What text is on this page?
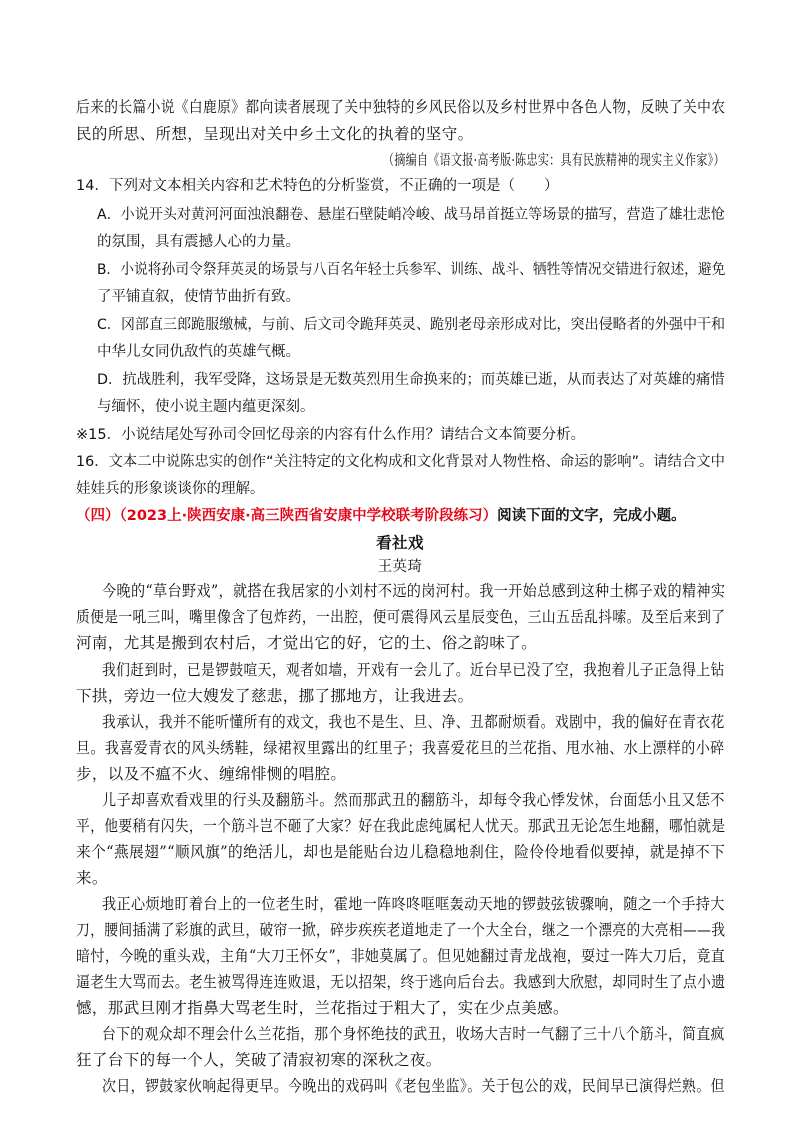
后来的长篇小说《白鹿原》都向读者展现了关中独特的乡风民俗以及乡村世界中各色人物，反映了关中农
民的所思、所想，呈现出对关中乡土文化的执着的坚守。
（摘编自《语文报·高考版·陈忠实：具有民族精神的现实主义作家》）
14．下列对文本相关内容和艺术特色的分析鉴赏，不正确的一项是（　　）
A．小说开头对黄河河面浊浪翻卷、悬崖石壁陡峭冷峻、战马昂首挺立等场景的描写，营造了雄壮悲怆
的氛围，具有震撼人心的力量。
B．小说将孙司令祭拜英灵的场景与八百名年轻士兵参军、训练、战斗、牺牲等情况交错进行叙述，避免
了平铺直叙，使情节曲折有致。
C．冈部直三郎跪服缴械，与前、后文司令跪拜英灵、跪别老母亲形成对比，突出侵略者的外强中干和
中华儿女同仇敌忾的英雄气概。
D．抗战胜利，我军受降，这场景是无数英烈用生命换来的；而英雄已逝，从而表达了对英雄的痛惜
与缅怀，使小说主题内蕴更深刻。
※15．小说结尾处写孙司令回忆母亲的内容有什么作用？请结合文本简要分析。
16．文本二中说陈忠实的创作“关注特定的文化构成和文化背景对人物性格、命运的影响”。请结合文中
娃娃兵的形象谈谈你的理解。
（四）（2023上·陕西安康·高三陕西省安康中学校联考阶段练习）阅读下面的文字，完成小题。
看社戏
王英琦
今晚的“草台野戏”，就搭在我居家的小刘村不远的岗河村。我一开始总感到这种土梆子戏的精神实
质便是一吼三叫，嘴里像含了包炸药，一出腔，便可震得风云星辰变色，三山五岳乱抖嗦。及至后来到了
河南，尤其是搬到农村后，才觉出它的好，它的土、俗之韵味了。
我们赶到时，已是锣鼓喧天，观者如墙，开戏有一会儿了。近台早已没了空，我抱着儿子正急得上钻
下拱，旁边一位大嫂发了慈悲，挪了挪地方，让我进去。
我承认，我并不能听懂所有的戏文，我也不是生、旦、净、丑都耐烦看。戏剧中，我的偏好在青衣花
旦。我喜爱青衣的风头绣鞋，绿裙衩里露出的红里子；我喜爱花旦的兰花指、甩水袖、水上漂样的小碎
步，以及不瘟不火、缠绵悱恻的唱腔。
儿子却喜欢看戏里的行头及翻筋斗。然而那武丑的翻筋斗，却每令我心悸发怵，台面恁小且又恁不
平，他要稍有闪失，一个筋斗岂不砸了大家？好在我此虑纯属杞人忧天。那武丑无论怎生地翻，哪怕就是
来个“燕展翅”“顺风旗”的绝活儿，却也是能贴台边儿稳稳地刹住，险伶伶地看似要掉，就是掉不下
来。
我正心烦地盯着台上的一位老生时，霍地一阵咚咚哐哐轰动天地的锣鼓弦钹骤响，随之一个手持大
刀，腰间插满了彩旗的武旦，破帘一掀，碎步疾疾老道地走了一个大全台，继之一个漂亮的大亮相——我
暗忖，今晚的重头戏，主角“大刀王怀女”，非她莫属了。但见她翻过青龙战袍，耍过一阵大刀后，竟直
逼老生大骂而去。老生被骂得连连败退，无以招架，终于逃向后台去。我感到大欣慰，却同时生了点小遗
憾，那武旦刚才指鼻大骂老生时，兰花指过于粗大了，实在少点美感。
台下的观众却不理会什么兰花指，那个身怀绝技的武丑，收场大吉时一气翻了三十八个筋斗，简直疯
狂了台下的每一个人，笑破了清寂初寒的深秋之夜。
次日，锣鼓家伙响起得更早。今晚出的戏码叫《老包坐监》。关于包公的戏，民间早已演得烂熟。但
